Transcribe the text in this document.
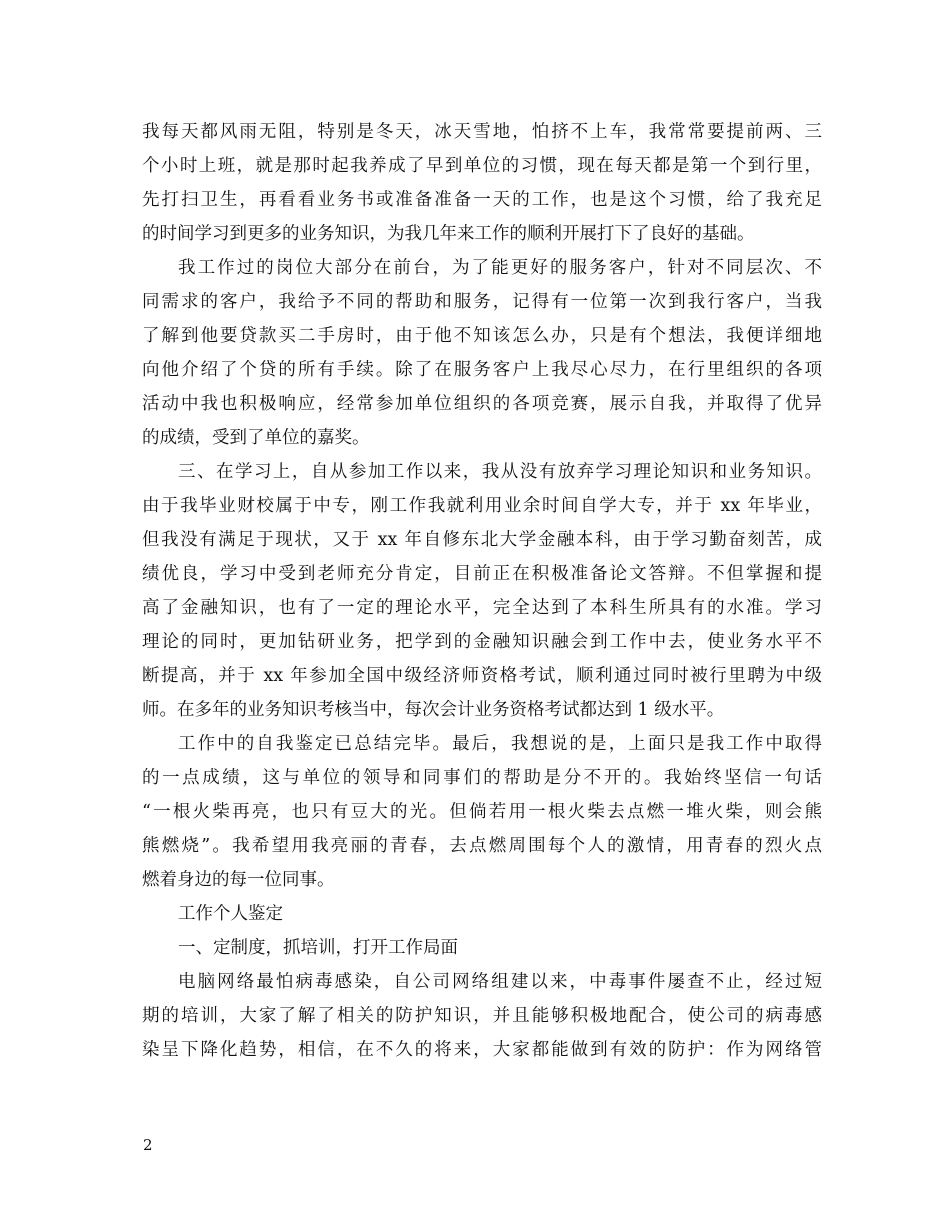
我每天都风雨无阻，特别是冬天，冰天雪地，怕挤不上车，我常常要提前两、三
个小时上班，就是那时起我养成了早到单位的习惯，现在每天都是第一个到行里，
先打扫卫生，再看看业务书或准备准备一天的工作，也是这个习惯，给了我充足
的时间学习到更多的业务知识，为我几年来工作的顺利开展打下了良好的基础。
我工作过的岗位大部分在前台，为了能更好的服务客户，针对不同层次、不
同需求的客户，我给予不同的帮助和服务，记得有一位第一次到我行客户，当我
了解到他要贷款买二手房时，由于他不知该怎么办，只是有个想法，我便详细地
向他介绍了个贷的所有手续。除了在服务客户上我尽心尽力，在行里组织的各项
活动中我也积极响应，经常参加单位组织的各项竞赛，展示自我，并取得了优异
的成绩，受到了单位的嘉奖。
三、在学习上，自从参加工作以来，我从没有放弃学习理论知识和业务知识。
由于我毕业财校属于中专，刚工作我就利用业余时间自学大专，并于 xx 年毕业，
但我没有满足于现状，又于 xx 年自修东北大学金融本科，由于学习勤奋刻苦，成
绩优良，学习中受到老师充分肯定，目前正在积极准备论文答辩。不但掌握和提
高了金融知识，也有了一定的理论水平，完全达到了本科生所具有的水准。学习
理论的同时，更加钻研业务，把学到的金融知识融会到工作中去，使业务水平不
断提高，并于 xx 年参加全国中级经济师资格考试，顺利通过同时被行里聘为中级
师。在多年的业务知识考核当中，每次会计业务资格考试都达到 1 级水平。
工作中的自我鉴定已总结完毕。最后，我想说的是，上面只是我工作中取得
的一点成绩，这与单位的领导和同事们的帮助是分不开的。我始终坚信一句话
“一根火柴再亮，也只有豆大的光。但倘若用一根火柴去点燃一堆火柴，则会熊
熊燃烧”。我希望用我亮丽的青春，去点燃周围每个人的激情，用青春的烈火点
燃着身边的每一位同事。
工作个人鉴定
一、定制度，抓培训，打开工作局面
电脑网络最怕病毒感染，自公司网络组建以来，中毒事件屡查不止，经过短
期的培训，大家了解了相关的防护知识，并且能够积极地配合，使公司的病毒感
染呈下降化趋势，相信，在不久的将来，大家都能做到有效的防护：作为网络管
2
